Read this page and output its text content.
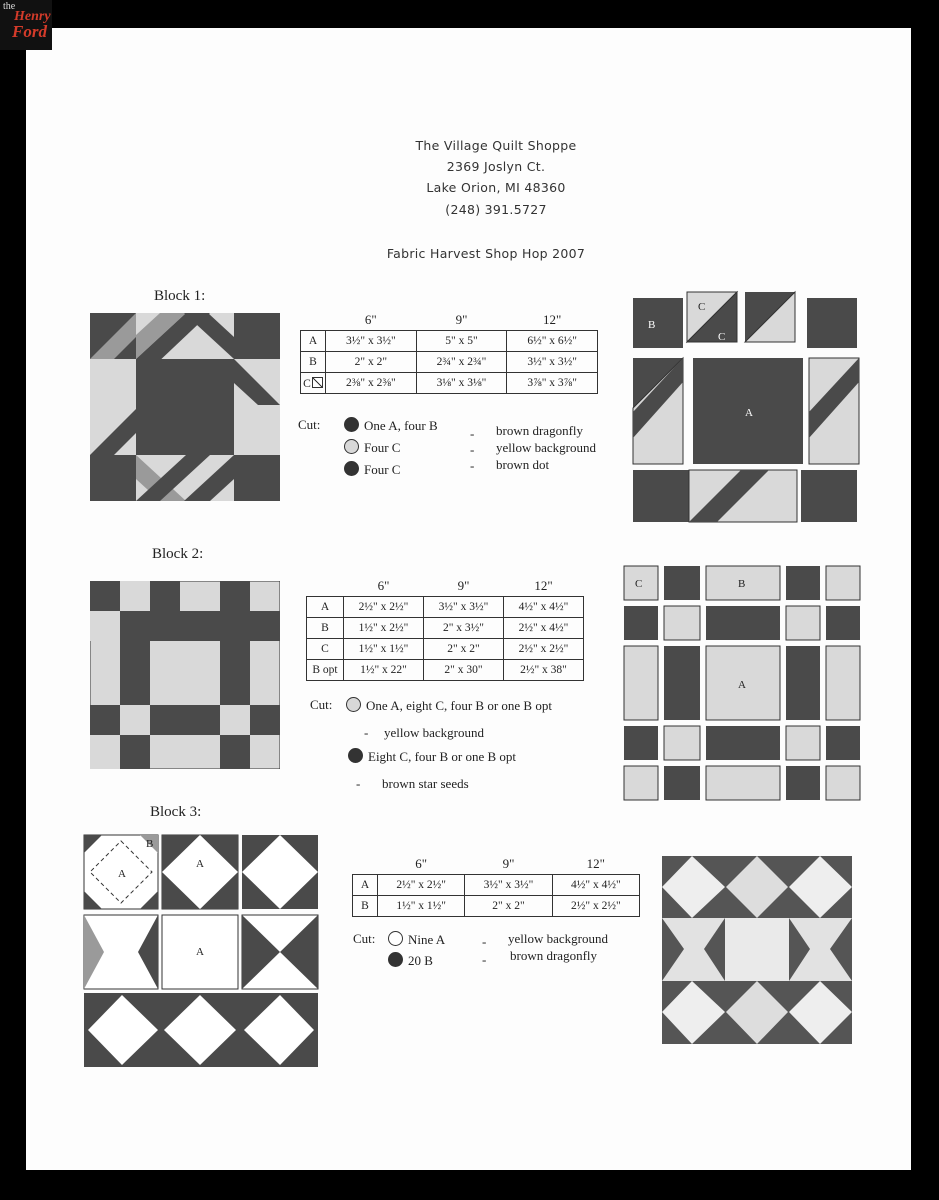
The Village Quilt Shoppe
2369 Joslyn Ct.
Lake Orion, MI 48360
(248) 391.5727
Fabric Harvest Shop Hop 2007
Block 1:
	6"	9"	12"
A	3½" x 3½"	5" x 5"	6½" x 6½"
B	2" x 2"	2¾" x 2¾"	3½" x 3½"
C	2⅜" x 2⅜"	3⅛" x 3⅛"	3⅞" x 3⅞"
Cut:	One A, four B
Four C
Four C
-
-
-
brown dragonfly
yellow background
brown dot
B
C
C
A
Block 2:
	6"	9"	12"
A	2½" x 2½"	3½" x 3½"	4½" x 4½"
B	1½" x 2½"	2" x 3½"	2½" x 4½"
C	1½" x 1½"	2" x 2"	2½" x 2½"
B opt	1½" x 22"	2" x 30"	2½" x 38"
Cut:	One A, eight C, four B or one B opt
- yellow background
Eight C, four B or one B opt
- brown star seeds
C	B
A
Block 3:
B
A
A
A
	6"	9"	12"
A	2½" x 2½"	3½" x 3½"	4½" x 4½"
B	1½" x 1½"	2" x 2"	2½" x 2½"
Cut:	Nine A
20 B
-
-
yellow background
brown dragonfly
the
Henry
Ford
